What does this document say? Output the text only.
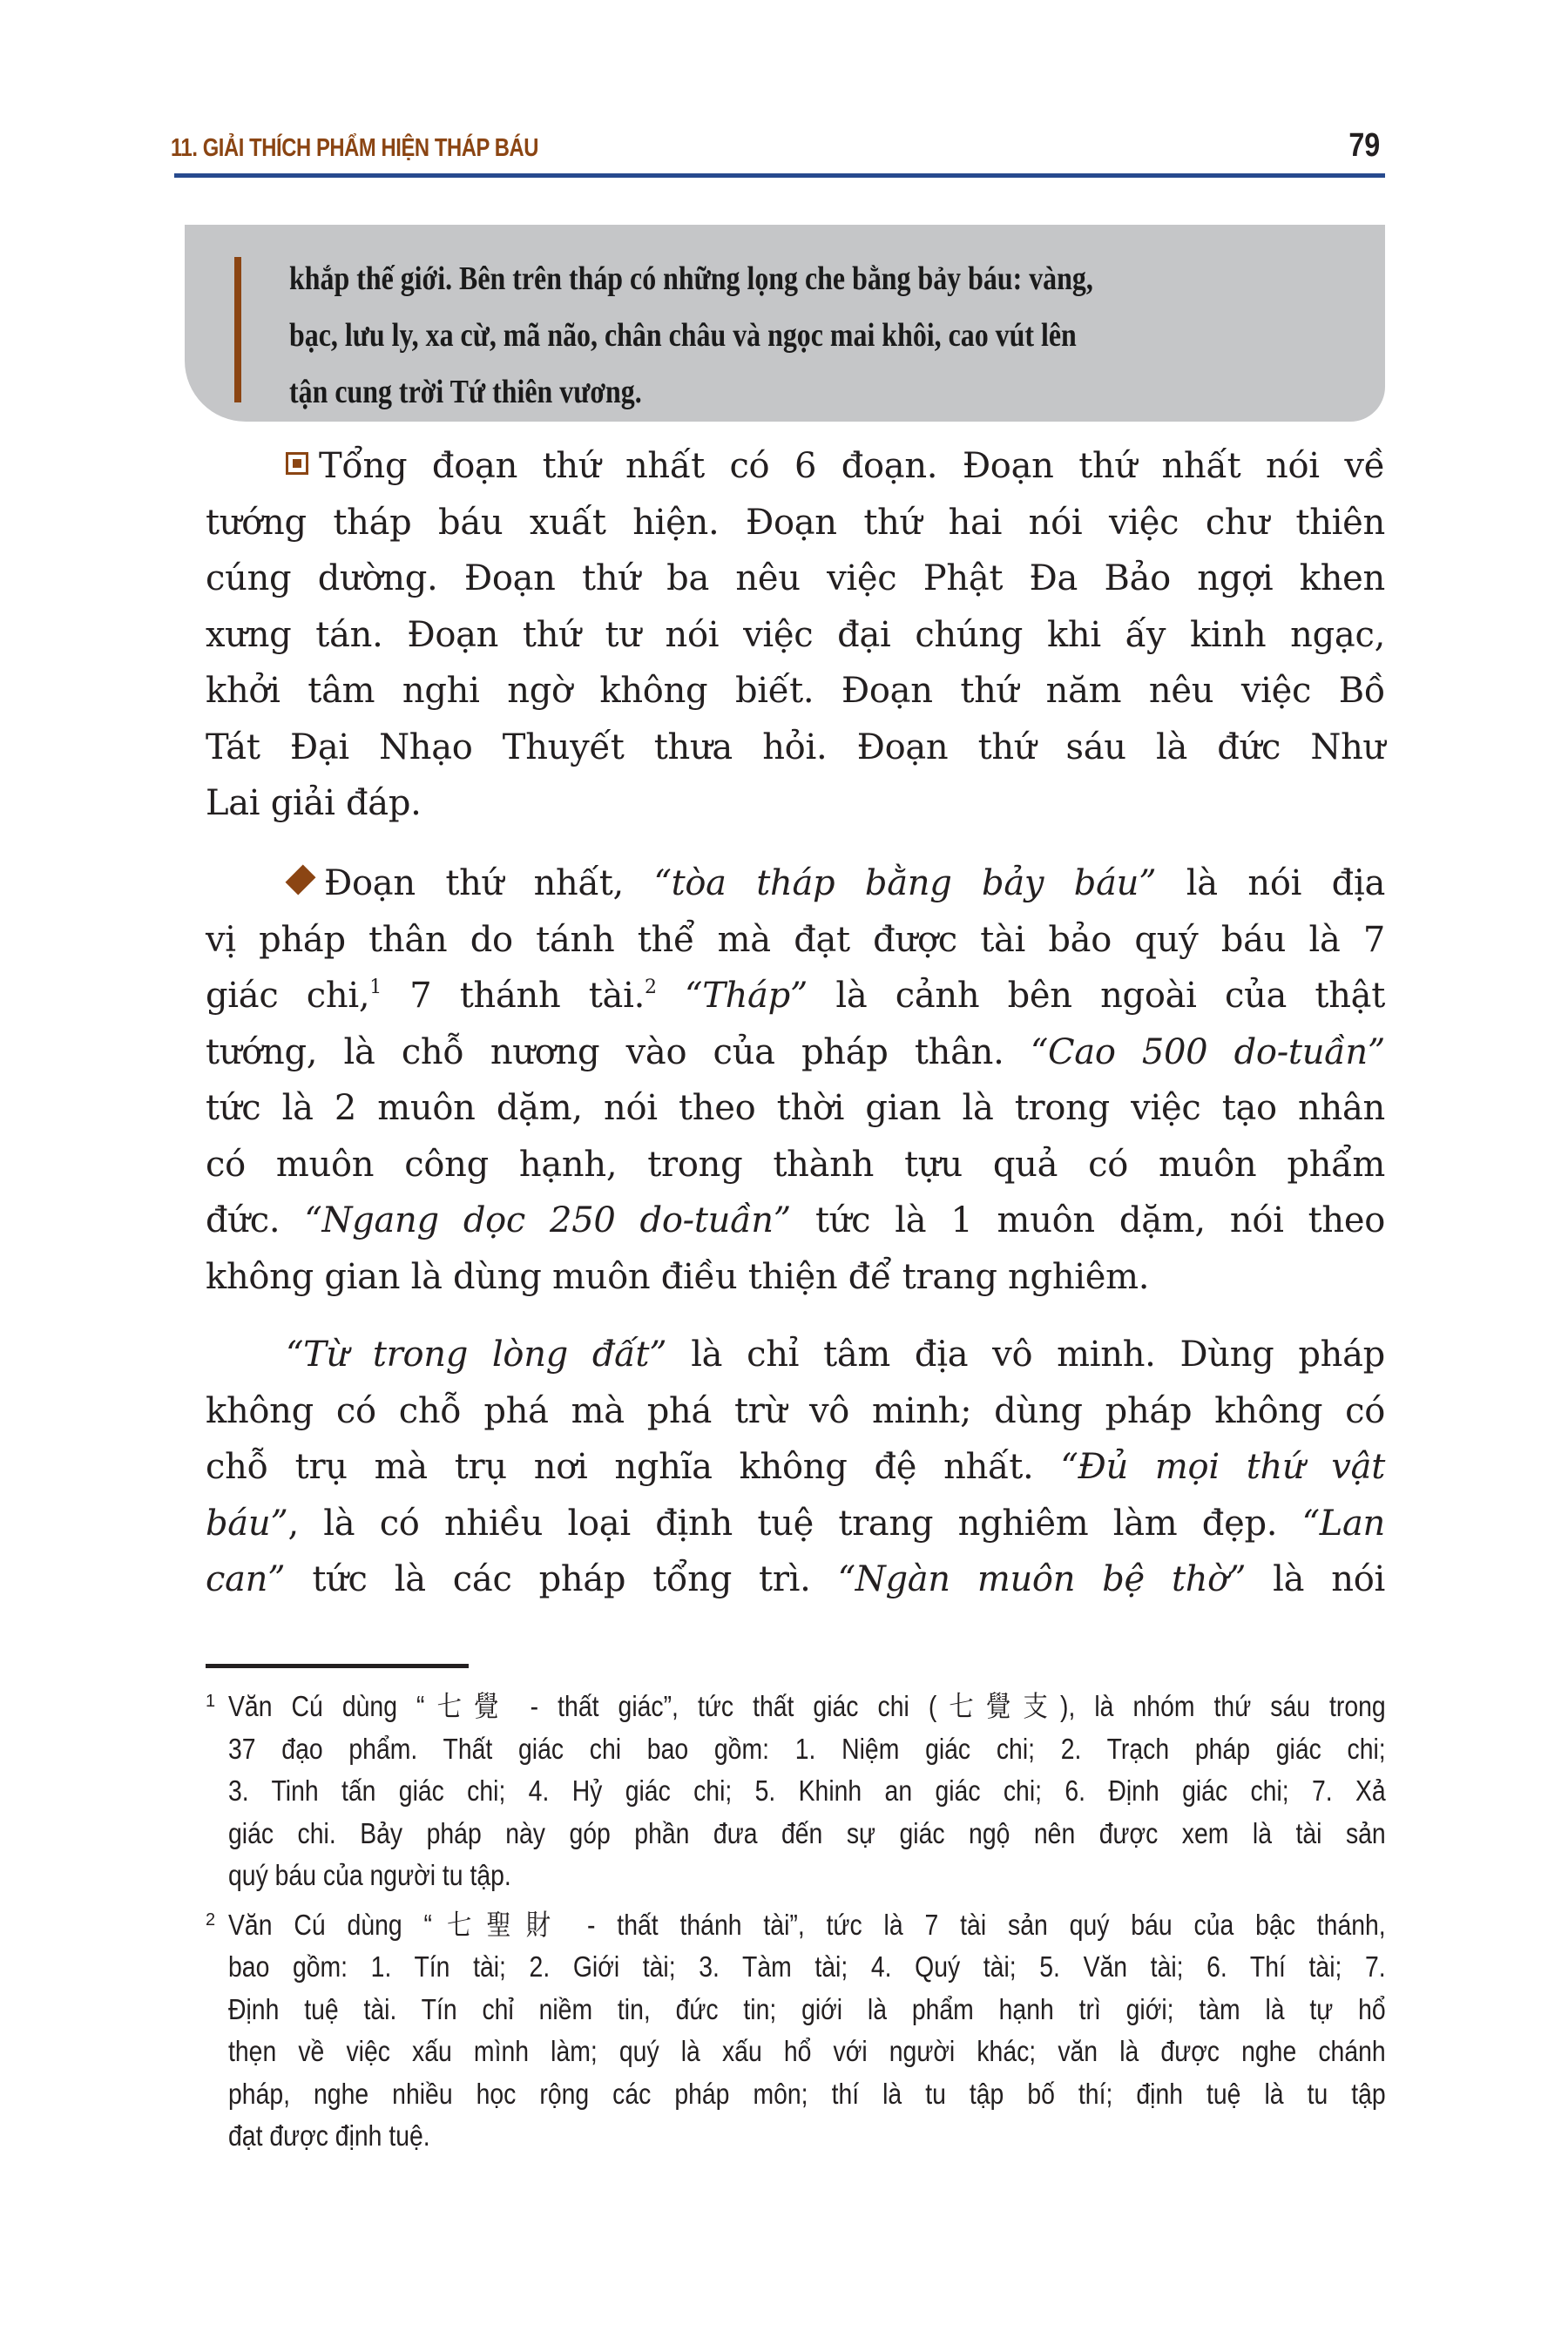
11. GIẢI THÍCH PHẨM HIỆN THÁP BÁU	79
khắp thế giới. Bên trên tháp có những lọng che bằng bảy báu: vàng,
bạc, lưu ly, xa cừ, mã não, chân châu và ngọc mai khôi, cao vút lên
tận cung trời Tứ thiên vương.
Tổng đoạn thứ nhất có 6 đoạn. Đoạn thứ nhất nói về
tướng tháp báu xuất hiện. Đoạn thứ hai nói việc chư thiên
cúng dường. Đoạn thứ ba nêu việc Phật Đa Bảo ngợi khen
xưng tán. Đoạn thứ tư nói việc đại chúng khi ấy kinh ngạc,
khởi tâm nghi ngờ không biết. Đoạn thứ năm nêu việc Bồ
Tát Đại Nhạo Thuyết thưa hỏi. Đoạn thứ sáu là đức Như
Lai giải đáp.
Đoạn thứ nhất, “tòa tháp bằng bảy báu” là nói địa
vị pháp thân do tánh thể mà đạt được tài bảo quý báu là 7
giác chi,$^1$ 7 thánh tài.$^2$ “Tháp” là cảnh bên ngoài của thật
tướng, là chỗ nương vào của pháp thân. “Cao 500 do-tuần”
tức là 2 muôn dặm, nói theo thời gian là trong việc tạo nhân
có muôn công hạnh, trong thành tựu quả có muôn phẩm
đức. “Ngang dọc 250 do-tuần” tức là 1 muôn dặm, nói theo
không gian là dùng muôn điều thiện để trang nghiêm.
“Từ trong lòng đất” là chỉ tâm địa vô minh. Dùng pháp
không có chỗ phá mà phá trừ vô minh; dùng pháp không có
chỗ trụ mà trụ nơi nghĩa không đệ nhất. “Đủ mọi thứ vật
báu”, là có nhiều loại định tuệ trang nghiêm làm đẹp. “Lan
can” tức là các pháp tổng trì. “Ngàn muôn bệ thờ” là nói
1 Văn Cú dùng “七覺 - thất giác”, tức thất giác chi (七覺支), là nhóm thứ sáu trong
37 đạo phẩm. Thất giác chi bao gồm: 1. Niệm giác chi; 2. Trạch pháp giác chi;
3. Tinh tấn giác chi; 4. Hỷ giác chi; 5. Khinh an giác chi; 6. Định giác chi; 7. Xả
giác chi. Bảy pháp này góp phần đưa đến sự giác ngộ nên được xem là tài sản
quý báu của người tu tập.
2 Văn Cú dùng “七聖財 - thất thánh tài”, tức là 7 tài sản quý báu của bậc thánh,
bao gồm: 1. Tín tài; 2. Giới tài; 3. Tàm tài; 4. Quý tài; 5. Văn tài; 6. Thí tài; 7.
Định tuệ tài. Tín chỉ niềm tin, đức tin; giới là phẩm hạnh trì giới; tàm là tự hổ
thẹn về việc xấu mình làm; quý là xấu hổ với người khác; văn là được nghe chánh
pháp, nghe nhiều học rộng các pháp môn; thí là tu tập bố thí; định tuệ là tu tập
đạt được định tuệ.
